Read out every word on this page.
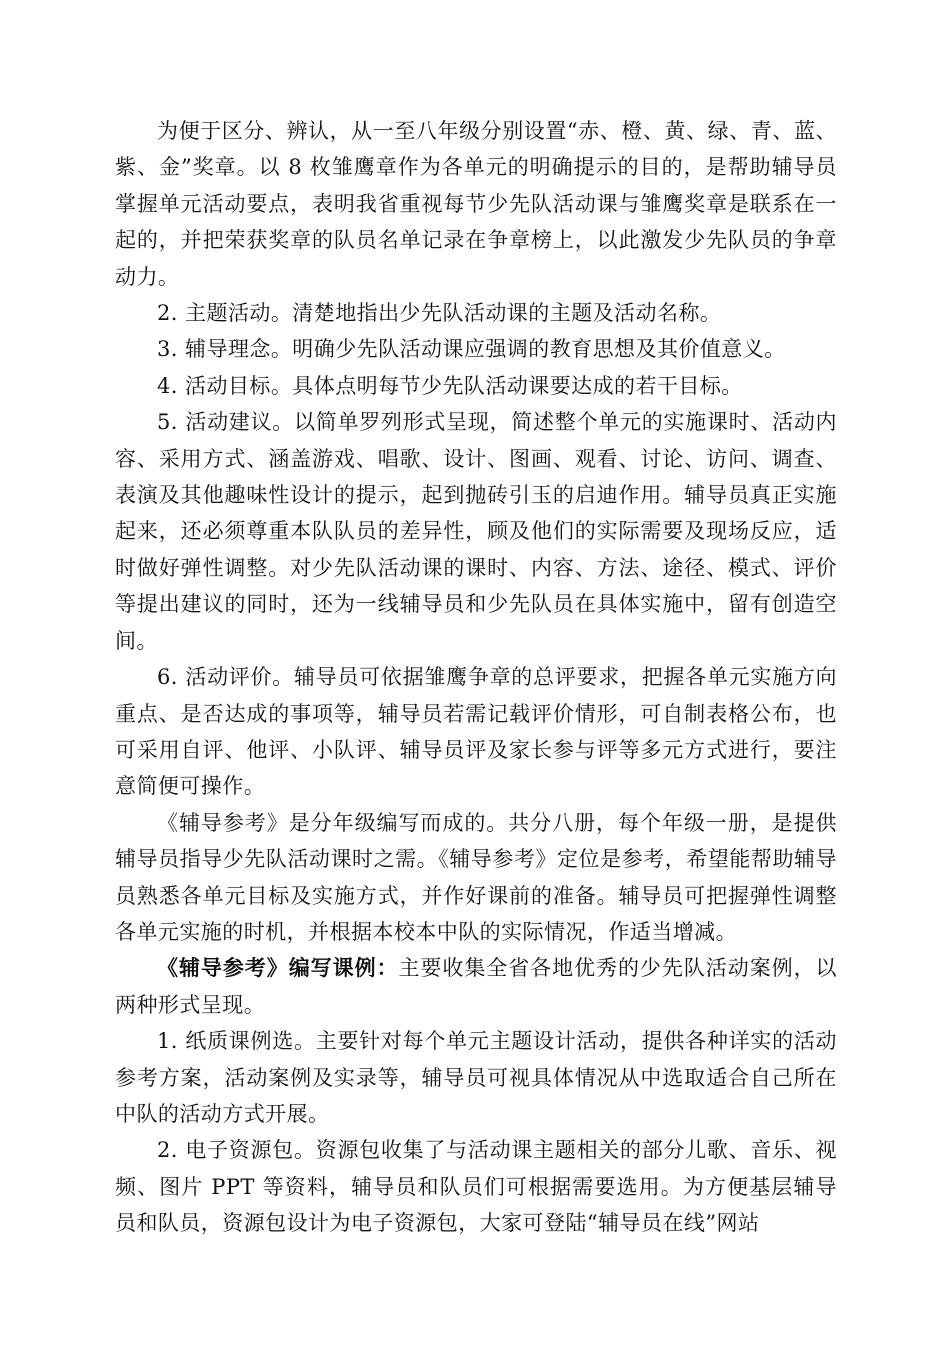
为便于区分、辨认，从一至八年级分别设置“赤、橙、黄、绿、青、蓝、紫、金”奖章。以 8 枚雏鹰章作为各单元的明确提示的目的，是帮助辅导员掌握单元活动要点，表明我省重视每节少先队活动课与雏鹰奖章是联系在一起的，并把荣获奖章的队员名单记录在争章榜上，以此激发少先队员的争章动力。

2. 主题活动。清楚地指出少先队活动课的主题及活动名称。

3. 辅导理念。明确少先队活动课应强调的教育思想及其价值意义。

4. 活动目标。具体点明每节少先队活动课要达成的若干目标。

5. 活动建议。以简单罗列形式呈现，简述整个单元的实施课时、活动内容、采用方式、涵盖游戏、唱歌、设计、图画、观看、讨论、访问、调查、表演及其他趣味性设计的提示，起到抛砖引玉的启迪作用。辅导员真正实施起来，还必须尊重本队队员的差异性，顾及他们的实际需要及现场反应，适时做好弹性调整。对少先队活动课的课时、内容、方法、途径、模式、评价等提出建议的同时，还为一线辅导员和少先队员在具体实施中，留有创造空间。

6. 活动评价。辅导员可依据雏鹰争章的总评要求，把握各单元实施方向重点、是否达成的事项等，辅导员若需记载评价情形，可自制表格公布，也可采用自评、他评、小队评、辅导员评及家长参与评等多元方式进行，要注意简便可操作。

《辅导参考》是分年级编写而成的。共分八册，每个年级一册，是提供辅导员指导少先队活动课时之需。《辅导参考》定位是参考，希望能帮助辅导员熟悉各单元目标及实施方式，并作好课前的准备。辅导员可把握弹性调整各单元实施的时机，并根据本校本中队的实际情况，作适当增减。

《辅导参考》编写课例：主要收集全省各地优秀的少先队活动案例，以两种形式呈现。

1. 纸质课例选。主要针对每个单元主题设计活动，提供各种详实的活动参考方案，活动案例及实录等，辅导员可视具体情况从中选取适合自己所在中队的活动方式开展。

2. 电子资源包。资源包收集了与活动课主题相关的部分儿歌、音乐、视频、图片 PPT 等资料，辅导员和队员们可根据需要选用。为方便基层辅导员和队员，资源包设计为电子资源包，大家可登陆“辅导员在线”网站
